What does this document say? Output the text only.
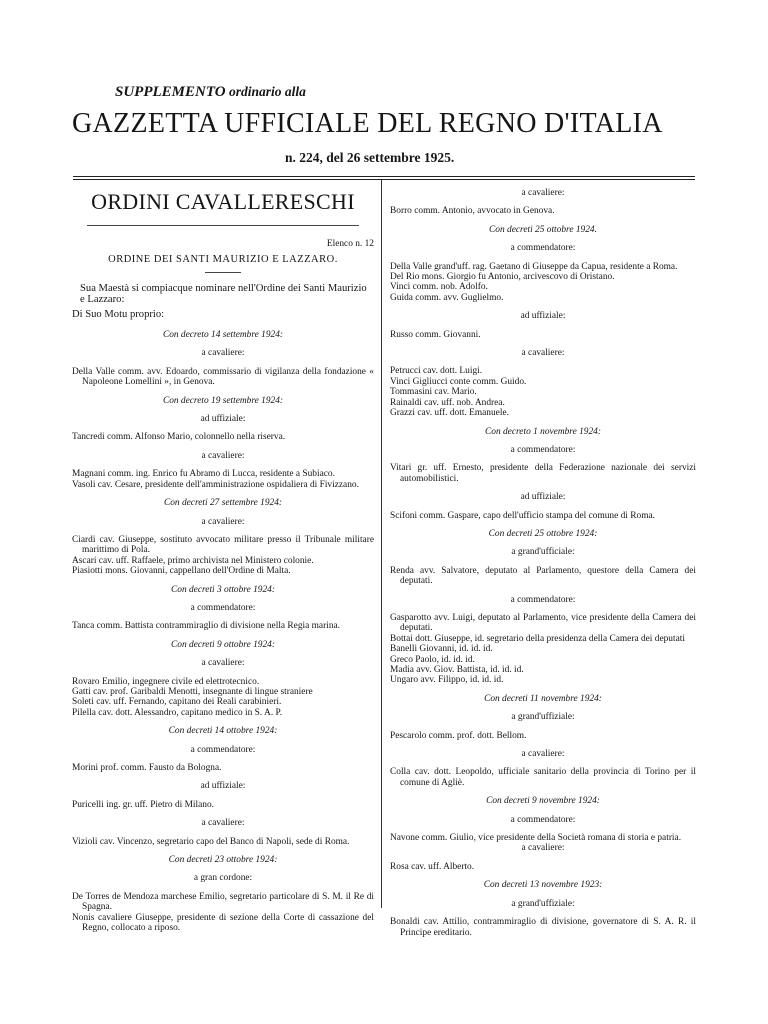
SUPPLEMENTO ordinario alla
GAZZETTA UFFICIALE DEL REGNO D'ITALIA
n. 224, del 26 settembre 1925.
ORDINI CAVALLERESCHI
Elenco n. 12
ORDINE DEI SANTI MAURIZIO E LAZZARO.
Sua Maestà si compiacque nominare nell'Ordine dei Santi Maurizio e Lazzaro:
Di Suo Motu proprio:
Con decreto 14 settembre 1924:
a cavaliere:
Della Valle comm. avv. Edoardo, commissario di vigilanza della fondazione « Napoleone Lomellini », in Genova.
Con decreto 19 settembre 1924:
ad uffiziale:
Tancredi comm. Alfonso Mario, colonnello nella riserva.
a cavaliere:
Magnani comm. ing. Enrico fu Abramo di Lucca, residente a Subiaco.
Vasoli cav. Cesare, presidente dell'amministrazione ospidaliera di Fivizzano.
Con decreti 27 settembre 1924:
a cavaliere:
Ciardi cav. Giuseppe, sostituto avvocato militare presso il Tribunale militare marittimo di Pola.
Ascari cav. uff. Raffaele, primo archivista nel Ministero colonie.
Piasiotti mons. Giovanni, cappellano dell'Ordine di Malta.
Con decreti 3 ottobre 1924:
a commendatore:
Tanca comm. Battista contrammiraglio di divisione nella Regia marina.
Con decreti 9 ottobre 1924:
a cavaliere:
Rovaro Emilio, ingegnere civile ed elettrotecnico.
Gatti cav. prof. Garibaldi Menotti, insegnante di lingue straniere
Soleti cav. uff. Fernando, capitano dei Reali carabinieri.
Pilella cav. dott. Alessandro, capitano medico in S. A. P.
Con decreti 14 ottobre 1924:
a commendatore:
Morini prof. comm. Fausto da Bologna.
ad uffiziale:
Puricelli ing. gr. uff. Pietro di Milano.
a cavaliere:
Vizioli cav. Vincenzo, segretario capo del Banco di Napoli, sede di Roma.
Con decreti 23 ottobre 1924:
a gran cordone:
De Torres de Mendoza marchese Emilio, segretario particolare di S. M. il Re di Spagna.
Nonis cavaliere Giuseppe, presidente di sezione della Corte di cassazione del Regno, collocato a riposo.
a cavaliere:
Borro comm. Antonio, avvocato in Genova.
Con decreti 25 ottobre 1924.
a commendatore:
Della Valle grand'uff. rag. Gaetano di Giuseppe da Capua, residente a Roma.
Del Rio mons. Giorgio fu Antonio, arcivescovo di Oristano.
Vinci comm. nob. Adolfo.
Guida comm. avv. Guglielmo.
ad uffiziale:
Russo comm. Giovanni.
a cavaliere:
Petrucci cav. dott. Luigi.
Vinci Gigliucci conte comm. Guido.
Tommasini cav. Mario.
Rainaldi cav. uff. nob. Andrea.
Grazzi cav. uff. dott. Emanuele.
Con decreto 1 novembre 1924:
a commendatore:
Vitari gr. uff. Ernesto, presidente della Federazione nazionale dei servizi automobilistici.
ad uffiziale:
Scifoni comm. Gaspare, capo dell'ufficio stampa del comune di Roma.
Con decreti 25 ottobre 1924:
a grand'ufficiale:
Renda avv. Salvatore, deputato al Parlamento, questore della Camera dei deputati.
a commendatore:
Gasparotto avv. Luigi, deputato al Parlamento, vice presidente della Camera dei deputati.
Bottai dott. Giuseppe, id. segretario della presidenza della Camera dei deputati
Banelli Giovanni, id. id. id.
Greco Paolo, id. id. id.
Madia avv. Giov. Battista, id. id. id.
Ungaro avv. Filippo, id. id. id.
Con decreti 11 novembre 1924:
a grand'uffiziale:
Pescarolo comm. prof. dott. Bellom.
a cavaliere:
Colla cav. dott. Leopoldo, ufficiale sanitario della provincia di Torino per il comune di Agliè.
Con decreti 9 novembre 1924:
a commendatore:
Navone comm. Giulio, vice presidente della Società romana di storia e patria.
a cavaliere:
Rosa cav. uff. Alberto.
Con decreti 13 novembre 1923:
a grand'uffiziale:
Bonaldi cav. Attilio, contrammiraglio di divisione, governatore di S. A. R. il Principe ereditario.
